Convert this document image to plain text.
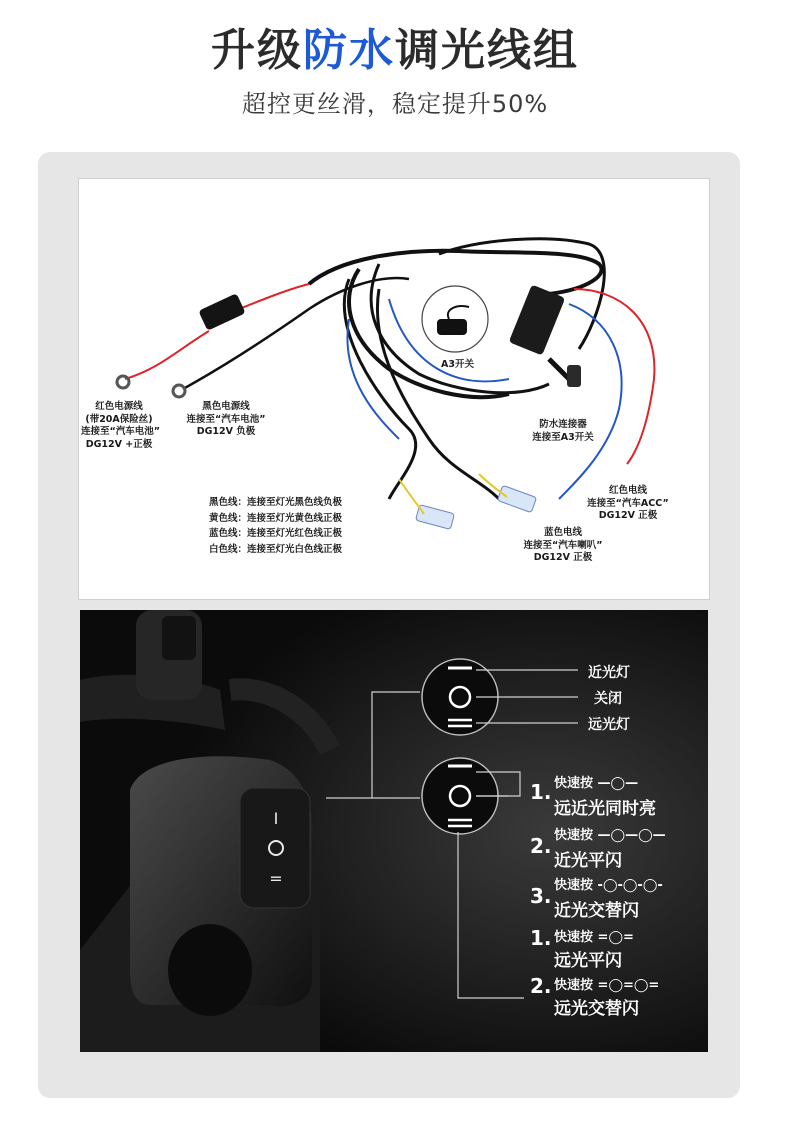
升级防水调光线组
超控更丝滑，稳定提升50%
A3开关
红色电源线
(带20A保险丝)
连接至“汽车电池”
DG12V +正极
黑色电源线
连接至“汽车电池”
DG12V 负极
防水连接器
连接至A3开关
红色电线
连接至“汽车ACC”
DG12V 正极
蓝色电线
连接至“汽车喇叭”
DG12V 正极
黑色线：连接至灯光黑色线负极
黄色线：连接至灯光黄色线正极
蓝色线：连接至灯光红色线正极
白色线：连接至灯光白色线正极
I
=
近光灯
关闭
远光灯
1. 快速按 —◯—
远近光同时亮
2. 快速按 —◯—◯—
近光平闪
3. 快速按 -◯-◯-◯-
近光交替闪
1. 快速按 =◯=
远光平闪
2. 快速按 =◯=◯=
远光交替闪
